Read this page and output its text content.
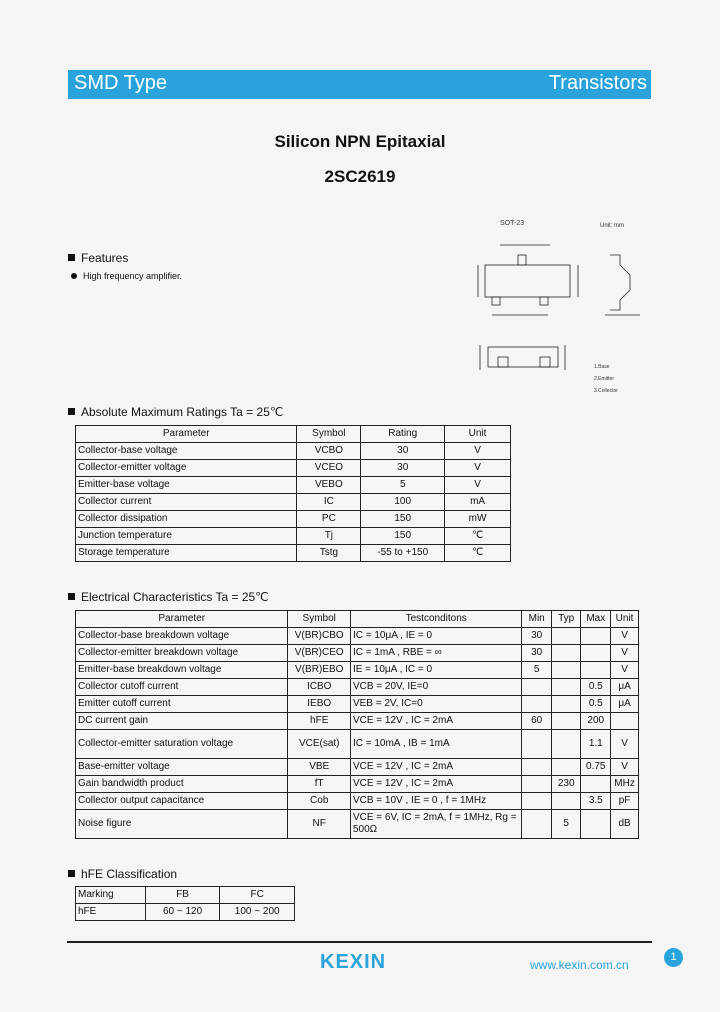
SMD Type	Transistors
Silicon NPN Epitaxial
2SC2619
Features
High frequency amplifier.
SOT-23	Unit: mm
1.Base
2.Emitter
3.Collector
Absolute Maximum Ratings Ta = 25℃
Parameter	Symbol	Rating	Unit
Collector-base voltage	VCBO	30	V
Collector-emitter voltage	VCEO	30	V
Emitter-base voltage	VEBO	5	V
Collector current	IC	100	mA
Collector dissipation	PC	150	mW
Junction temperature	Tj	150	℃
Storage temperature	Tstg	-55 to +150	℃
Electrical Characteristics Ta = 25℃
Parameter	Symbol	Testconditons	Min	Typ	Max	Unit
Collector-base breakdown voltage	V(BR)CBO	IC = 10μA , IE = 0	30			V
Collector-emitter breakdown voltage	V(BR)CEO	IC = 1mA , RBE = ∞	30			V
Emitter-base breakdown voltage	V(BR)EBO	IE = 10μA , IC = 0	5			V
Collector cutoff current	ICBO	VCB = 20V, IE=0			0.5	μA
Emitter cutoff current	IEBO	VEB = 2V, IC=0			0.5	μA
DC current gain	hFE	VCE = 12V , IC = 2mA	60		200	
Collector-emitter saturation voltage	VCE(sat)	IC = 10mA , IB = 1mA			1.1	V
Base-emitter voltage	VBE	VCE = 12V , IC = 2mA			0.75	V
Gain bandwidth product	fT	VCE = 12V , IC = 2mA		230		MHz
Collector output capacitance	Cob	VCB = 10V , IE = 0 , f = 1MHz			3.5	pF
Noise figure	NF	VCE = 6V, IC = 2mA, f = 1MHz, Rg = 500Ω		5		dB
hFE Classification
Marking	FB	FC
hFE	60 ~ 120	100 ~ 200
KEXIN	www.kexin.com.cn
1
